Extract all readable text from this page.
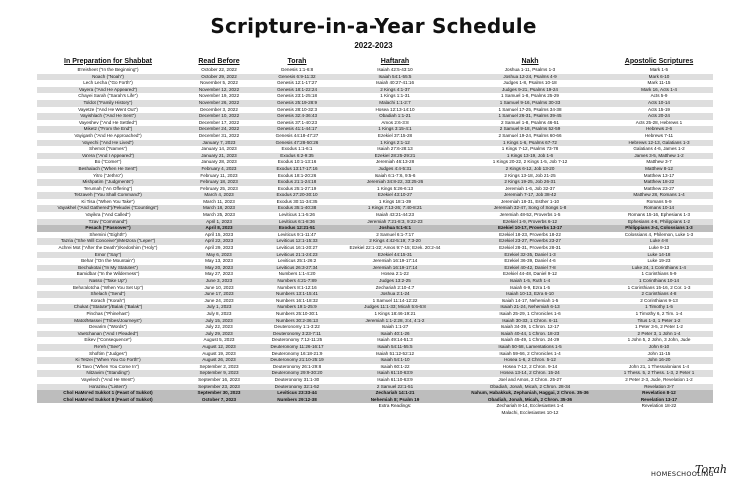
Scripture-in-a-Year Schedule
2022-2023
In Preparation for Shabbat	Read Before	Torah	Haftarah	Nakh	Apostolic Scriptures
B'reisheet ("In the Beginning")	October 22, 2022	Genesis 1:1-6:8	Isaiah 42:5-43:10	Joshua 1-11, Psalms 1-3	Mark 1-5
Noach ("Noah")	October 29, 2022	Genesis 6:9-11:32	Isaiah 54:1-55:5	Joshua 12-24, Psalms 4-9	Mark 6-10
Lech Lecha ("Go Forth")	November 5, 2022	Genesis 12:1-17:27	Isaiah 40:27-41:16	Judges 1-8, Psalms 10-18	Mark 11-15
Vayera ("And He Appeared")	November 12, 2022	Genesis 18:1-22:24	2 Kings 4:1-37	Judges 9-21, Psalms 19-24	Mark 16, Acts 1-4
Chayei Sarah ("Sarah's Life")	November 19, 2022	Genesis 23:1-25:18	1 Kings 1:1-31	1 Samuel 1-8, Psalms 25-29	Acts 5-9
Toldot ("Family History")	November 26, 2022	Genesis 25:19-28:9	Malachi 1:1-2:7	1 Samuel 9-16, Psalms 30-33	Acts 10-14
Vayetze ("And He Went Out")	December 3, 2022	Genesis 28:10-32:3	Hosea 12:13-14:10	1 Samuel 17-25, Psalms 34-38	Acts 15-19
Vayishlach ("And He Sent")	December 10, 2022	Genesis 32:4-36:43	Obadiah 1:1-21	1 Samuel 26-31, Psalms 39-45	Acts 20-24
Vayeshev ("And He Settled")	December 17, 2022	Genesis 37:1-40:23	Amos 2:6-3:8	2 Samuel 1-8, Psalms 46-51	Acts 25-28, Hebrews 1
Miketz ("From the End")	December 24, 2022	Genesis 41:1-44:17	1 Kings 3:15-4:1	2 Samuel 9-18, Psalms 52-59	Hebrews 2-6
Vayigash ("And He Approached")	December 31, 2022	Genesis 44:18-47:27	Ezekiel 37:15-28	2 Samuel 19-24, Psalms 60-66	Hebrews 7-11
Vayechi ("And He Lived")	January 7, 2023	Genesis 47:28-50:26	1 Kings 2:1-12	1 Kings 1-6, Psalms 67-72	Hebrews 12-13, Galatians 1-3
Shemot ("Names")	January 14, 2023	Exodus 1:1-6:1	Isaiah 27:6-28:13	1 Kings 7-12, Psalms 73-78	Galatians 4-6, James 1-2
Va'era ("And I Appeared")	January 21, 2023	Exodus 6:2-9:35	Ezekiel 28:25-29:21	1 Kings 13-19, Job 1-6	James 3-5, Matthew 1-2
Bo ("Come!")	January 28, 2023	Exodus 10:1-13:16	Jeremiah 46:13-28	1 Kings 20-22, 2 Kings 1-5, Job 7-12	Matthew 3-7
Beshalach ("When He Sent")	February 4, 2023	Exodus 13:17-17:16	Judges 4:4-5:31	2 Kings 6-12, Job 13-20	Matthew 8-12
Yitro ("Jethro")	February 11, 2023	Exodus 18:1-20:26	Isaiah 6:1-7:6, 9:5-6	2 Kings 13-18, Job 21-25	Matthew 13-17
Mishpatim ("Judgments")	February 18, 2023	Exodus 21:1-24:18	Jeremiah 34:8-22, 33:25-26	2 Kings 19-25, Job 26-31	Matthew 18-22
Terumah ("An Offering")	February 25, 2023	Exodus 25:1-27:19	1 Kings 5:26-6:13	Jeremiah 1-6, Job 32-37	Matthew 23-27
Tetzaveh ("You Shall Command")	March 4, 2023	Exodus 27:20-30:10	Ezekiel 43:10-27	Jeremiah 7-17, Job 38-42	Matthew 28, Romans 1-4
Ki Tisa ("When You Take")	March 11, 2023	Exodus 30:11-34:35	1 Kings 18:1-39	Jeremiah 18-31, Esther 1-10	Romans 5-9
Vayakhel ("And Gathered")/Pekudei ("Countings")	March 18, 2023	Exodus 35:1-40:38	1 Kings 7:13-26; 7:40-8:21	Jeremiah 32-47, Song of Songs 1-8	Romans 10-14
Vayikra ("And Called")	March 25, 2023	Leviticus 1:1-5:26	Isaiah 43:21-44:23	Jeremiah 48-52, Proverbs 1-5	Romans 15-16, Ephesians 1-3
Tzav ("Command")	April 1, 2023	Leviticus 6:1-8:36	Jeremiah 7:21-8:3, 9:22-23	Ezekiel 1-9, Proverbs 6-12	Ephesians 4-6, Philippians 1-2
Pesach ("Passover")	April 8, 2023	Exodus 12:21-51	Joshua 5:1-6:1	Ezekiel 10-17, Proverbs 13-17	Philippians 3-4, Colossians 1-3
Shemini ("Eighth")	April 15, 2023	Leviticus 9:1-11:47	2 Samuel 6:1-7:17	Ezekiel 18-23, Proverbs 18-22	Colossians 4, Philemon, Luke 1-3
Tazria ("She Will Conceive")/Metzora ("Leper")	April 22, 2023	Leviticus 12:1-15:33	2 Kings 4:42-5:19; 7:3-20	Ezekiel 23-27, Proverbs 23-27	Luke 4-8
Achrei Mot ("After the Death")/Kedoshim ("Holy")	April 29, 2023	Leviticus 16:1-20:27	Ezekiel 22:1-22; Amos 9:7-15; Ezek. 20:2-44	Ezekiel 28-31, Proverbs 28-31	Luke 9-13
Emor ("Say")	May 6, 2023	Leviticus 21:1-24:23	Ezekiel 44:15-31	Ezekiel 32-35, Daniel 1-3	Luke 14-18
Behar ("On the Mountain")	May 13, 2023	Leviticus 25:1-26:2	Jeremiah 16:19-17:14	Ezekiel 36-39, Daniel 4-6	Luke 19-23
Bechukotai ("In My Statutes")	May 20, 2023	Leviticus 26:3-27:34	Jeremiah 16:19-17:14	Ezekiel 40-42, Daniel 7-8	Luke 24, 1 Corinthians 1-4
Bamidbar ("In the Wilderness")	May 27, 2023	Numbers 1:1-4:20	Hosea 2:1-22	Ezekiel 44-48, Daniel 9-12	1 Corinthians 5-9
Nasso ("Take Up")	June 3, 2023	Numbers 4:21-7:89	Judges 13:2-25	Isaiah 1-5, Ruth 1-4	1 Corinthians 10-14
Beha'alotcha ("When You Set Up")	June 10, 2023	Numbers 8:1-12:16	Zechariah 2:10-4:7	Isaiah 6-9, Ezra 1-5	1 Corinthians 15-16, 2 Cor. 1-3
Shelach ("Send")	June 17, 2023	Numbers 13:1-15:41	Joshua 2:1-24	Isaiah 10-13, Ezra 6-10	2 Corinthians 4-8
Korach ("Korah")	June 24, 2023	Numbers 16:1-18:32	1 Samuel 11:14-12:22	Isaiah 14-17, Nehemiah 1-5	2 Corinthians 9-13
Chukat ("Statute")/Balak ("Balak")	July 1, 2023	Numbers 19:1-25:9	Judges 11:1-33; Micah 5:6-6:8	Isaiah 21-24, Nehemiah 6-13	1 Timothy 1-5
Pinchas ("Phinehas")	July 8, 2023	Numbers 25:10-30:1	1 Kings 18:46-19:21	Isaiah 25-29, 1 Chronicles 1-6	1 Timothy 6, 2 Tim. 1-4
Matot/Massei ("Tribes/Journeys")	July 15, 2023	Numbers 30:2-36:13	Jeremiah 1:1-2:28, 3:4, 4:1-2	Isaiah 30-33, 1 Chron. 6-11	Titus 1-3, 1 Peter 1-2
Devarim ("Words")	July 22, 2023	Deuteronomy 1:1-3:22	Isaiah 1:1-27	Isaiah 34-39, 1 Chron. 12-17	1 Peter 3-5, 2 Peter 1-2
Vaetchanan ("And I Pleaded")	July 29, 2023	Deuteronomy 3:23-7:11	Isaiah 40:1-26	Isaiah 40-44, 1 Chron. 18-23	2 Peter 3, 1 John 1-4
Eikev ("Consequence")	August 5, 2023	Deuteronomy 7:12-11:25	Isaiah 49:14-51:3	Isaiah 45-49, 1 Chron. 24-29	1 John 5, 2 John, 3 John, Jude
Re'eh ("See")	August 12, 2023	Deuteronomy 11:26-16:17	Isaiah 54:11-55:5	Isaiah 50-58, Lamentations 1-5	John 6-10
Shoftim ("Judges")	August 19, 2023	Deuteronomy 16:18-21:9	Isaiah 51:12-52:12	Isaiah 59-66, 2 Chronicles 1-4	John 11-15
Ki Tetzei ("When You Go Forth")	August 26, 2023	Deuteronomy 21:10-25:19	Isaiah 54:1-10	Hosea 1-6, 2 Chron. 5-12	John 16-20
Ki Tavo ("When You Come In")	September 2, 2023	Deuteronomy 26:1-29:8	Isaiah 60:1-22	Hosea 7-12, 2 Chron. 9-14	John 21, 1 Thessalonians 1-4
Nitzavim ("Standing")	September 9, 2023	Deuteronomy 29:9-30:20	Isaiah 61:10-63:9	Hosea 13-14, 2 Chron. 15-24	1 Thess. 5, 2 Thess. 1-3, 2 Peter 1
Vayelech ("And He Went")	September 16, 2023	Deuteronomy 31:1-30	Isaiah 61:10-63:9	Joel and Amos, 2 Chron. 25-27	2 Peter 2-3, Jude, Revelation 1-2
Ha'azinu ("Listen")	September 23, 2023	Deuteronomy 32:1-52	2 Samuel 22:1-51	Obadiah, Jonah, Micah, 2 Chron. 28-34	Revelation 3-7
Chol HaMo'ed Sukkot 1 (Feast of Sukkot)	September 30, 2023	Leviticus 23:33-44	Zechariah 14:1-21	Nahum, Habakkuk, Zephaniah, Haggai, 2 Chron. 35-36	Revelation 8-12
Chol HaMo'ed Sukkot 8 (Feast of Sukkot)	October 7, 2023	Numbers 29:12-38	Nehemiah 8; Psalm 19	Obadiah, Jonah, Micah, 2 Chron. 35-36	Revelation 13-17
			Extra Readings:	Zechariah 8-14, Ecclesiastes 1-4	Revelation 18-22
				Malachi, Ecclesiastes 10-12	
HOMESCHOOLING
Torah
